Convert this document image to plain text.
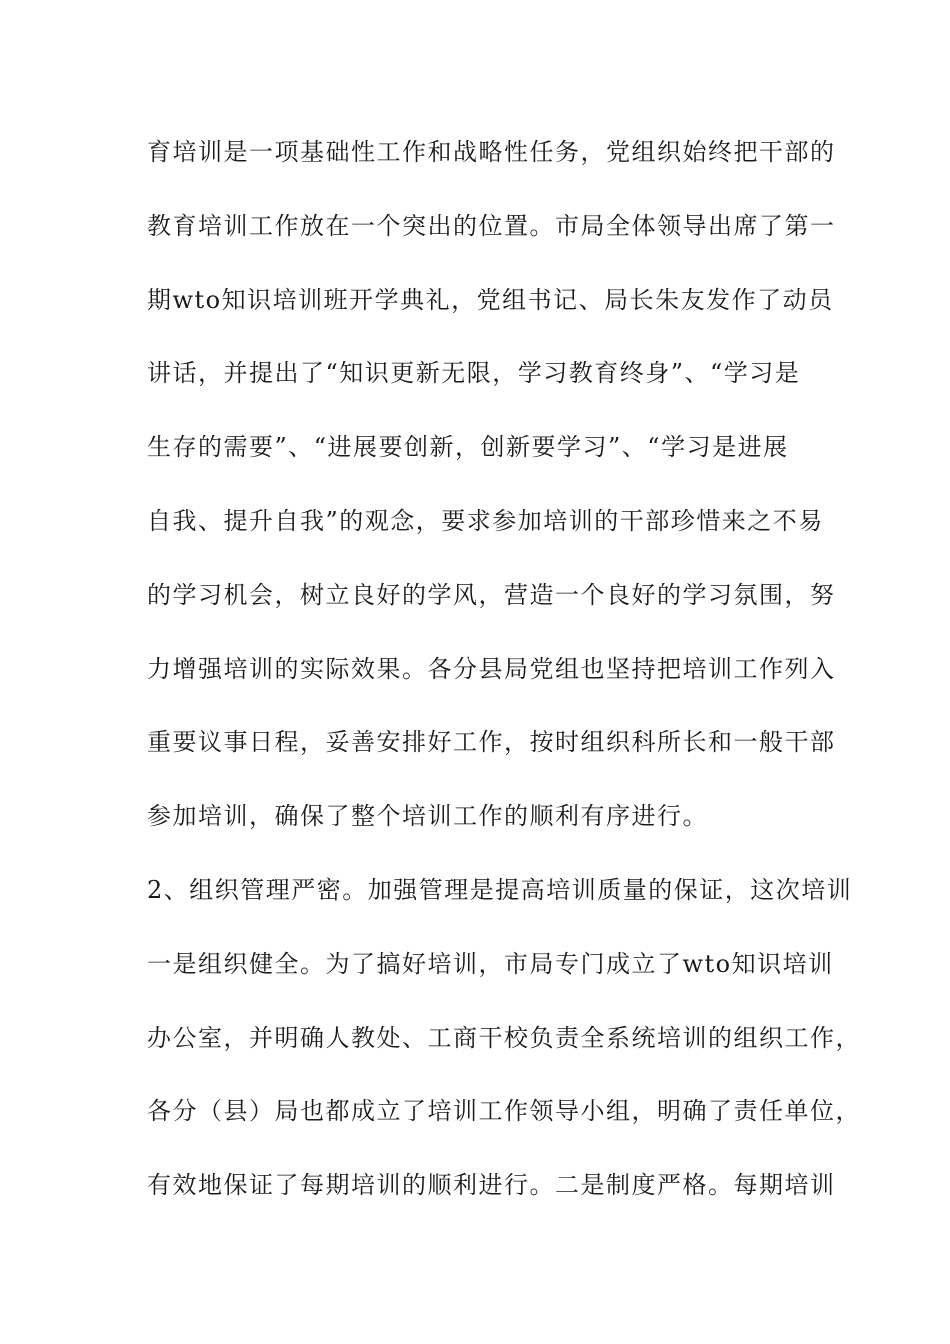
育培训是一项基础性工作和战略性任务，党组织始终把干部的
教育培训工作放在一个突出的位置。市局全体领导出席了第一
期wto知识培训班开学典礼，党组书记、局长朱友发作了动员
讲话，并提出了“知识更新无限，学习教育终身”、“学习是
生存的需要”、“进展要创新，创新要学习”、“学习是进展
自我、提升自我”的观念，要求参加培训的干部珍惜来之不易
的学习机会，树立良好的学风，营造一个良好的学习氛围，努
力增强培训的实际效果。各分县局党组也坚持把培训工作列入
重要议事日程，妥善安排好工作，按时组织科所长和一般干部
参加培训，确保了整个培训工作的顺利有序进行。
2、组织管理严密。加强管理是提高培训质量的保证，这次培训
一是组织健全。为了搞好培训，市局专门成立了wto知识培训
办公室，并明确人教处、工商干校负责全系统培训的组织工作，
各分（县）局也都成立了培训工作领导小组，明确了责任单位，
有效地保证了每期培训的顺利进行。二是制度严格。每期培训
